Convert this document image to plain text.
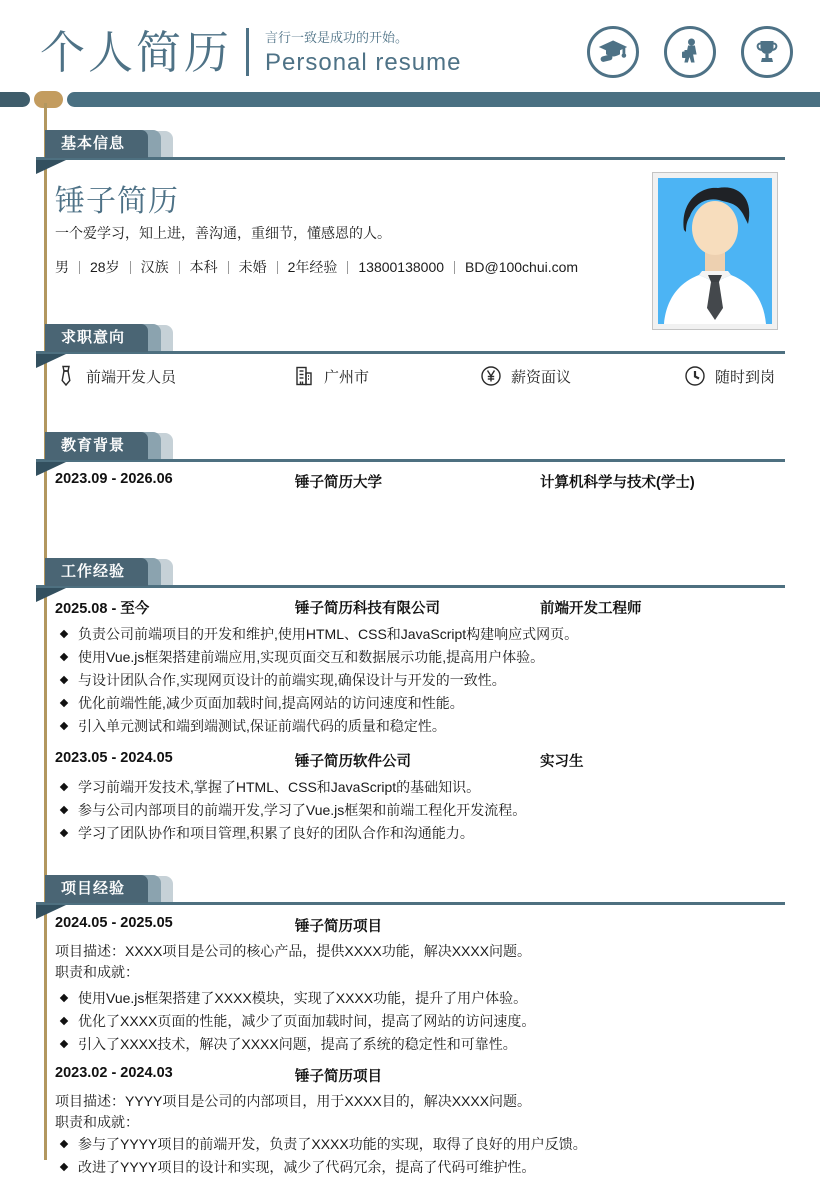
个人简历	言行一致是成功的开始。
Personal resume
基本信息
锤子简历
一个爱学习，知上进，善沟通，重细节，懂感恩的人。
男 28岁 汉族 本科 未婚 2年经验 13800138000 BD@100chui.com
求职意向
前端开发人员	广州市	薪资面议	随时到岗
教育背景
2023.09 - 2026.06	锤子简历大学	计算机科学与技术(学士)
工作经验
2025.08 - 至今	锤子简历科技有限公司	前端开发工程师
负责公司前端项目的开发和维护,使用HTML、CSS和JavaScript构建响应式网页。
使用Vue.js框架搭建前端应用,实现页面交互和数据展示功能,提高用户体验。
与设计团队合作,实现网页设计的前端实现,确保设计与开发的一致性。
优化前端性能,减少页面加载时间,提高网站的访问速度和性能。
引入单元测试和端到端测试,保证前端代码的质量和稳定性。
2023.05 - 2024.05	锤子简历软件公司	实习生
学习前端开发技术,掌握了HTML、CSS和JavaScript的基础知识。
参与公司内部项目的前端开发,学习了Vue.js框架和前端工程化开发流程。
学习了团队协作和项目管理,积累了良好的团队合作和沟通能力。
项目经验
2024.05 - 2025.05	锤子简历项目
项目描述：XXXX项目是公司的核心产品，提供XXXX功能，解决XXXX问题。
职责和成就：
使用Vue.js框架搭建了XXXX模块，实现了XXXX功能，提升了用户体验。
优化了XXXX页面的性能，减少了页面加载时间，提高了网站的访问速度。
引入了XXXX技术，解决了XXXX问题，提高了系统的稳定性和可靠性。
2023.02 - 2024.03	锤子简历项目
项目描述：YYYY项目是公司的内部项目，用于XXXX目的，解决XXXX问题。
职责和成就：
参与了YYYY项目的前端开发，负责了XXXX功能的实现，取得了良好的用户反馈。
改进了YYYY项目的设计和实现，减少了代码冗余，提高了代码可维护性。
